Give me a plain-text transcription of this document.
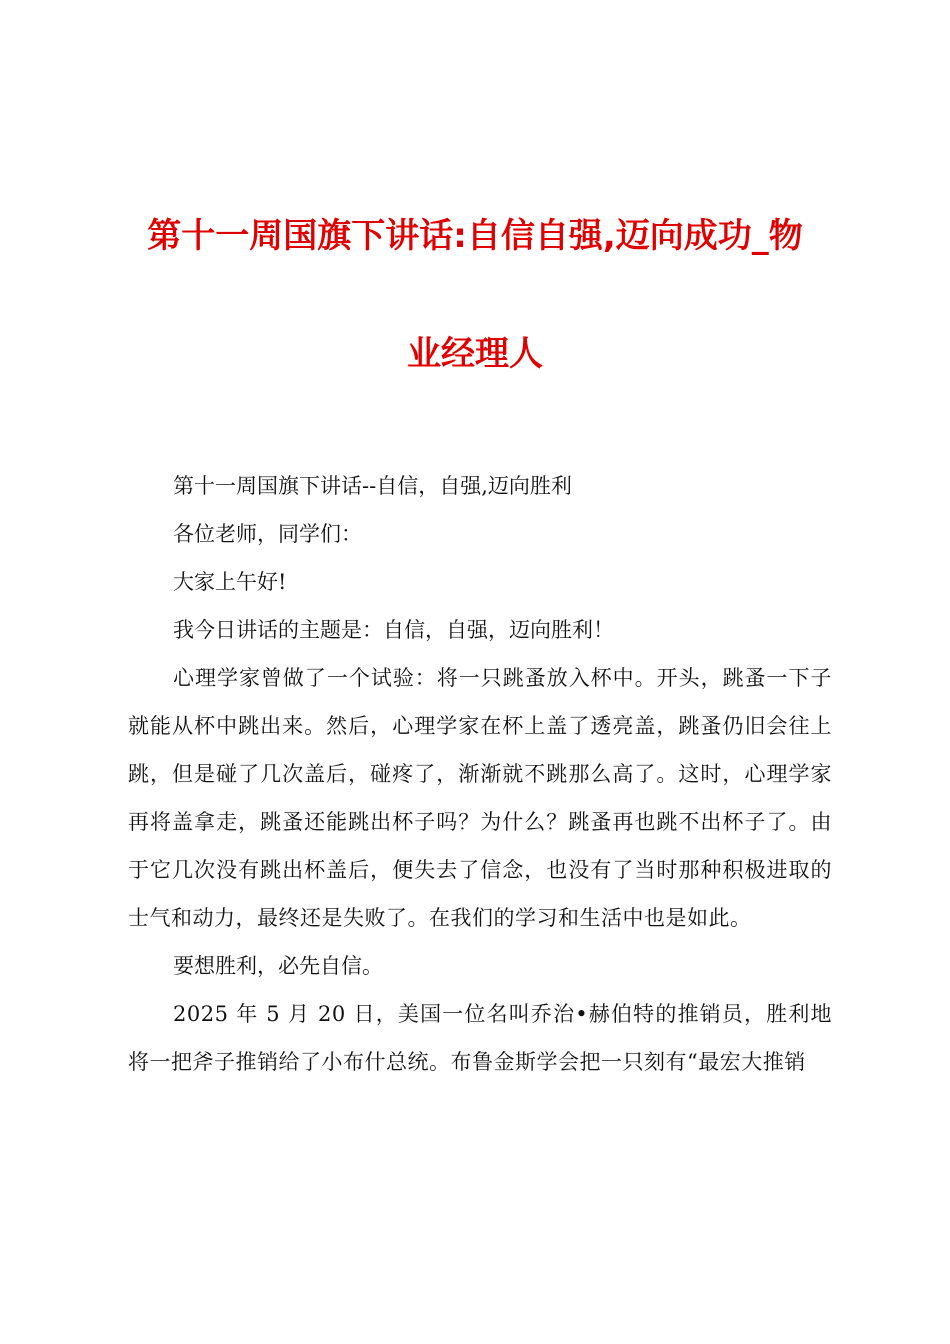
第十一周国旗下讲话:自信自强,迈向成功_物
业经理人

第十一周国旗下讲话--自信，自强,迈向胜利

各位老师，同学们：

大家上午好!

我今日讲话的主题是：自信，自强，迈向胜利！

心理学家曾做了一个试验：将一只跳蚤放入杯中。开头，跳蚤一下子就能从杯中跳出来。然后，心理学家在杯上盖了透亮盖，跳蚤仍旧会往上跳，但是碰了几次盖后，碰疼了，渐渐就不跳那么高了。这时，心理学家再将盖拿走，跳蚤还能跳出杯子吗？为什么？跳蚤再也跳不出杯子了。由于它几次没有跳出杯盖后，便失去了信念，也没有了当时那种积极进取的士气和动力，最终还是失败了。在我们的学习和生活中也是如此。

要想胜利，必先自信。

2025 年 5 月 20 日，美国一位名叫乔治•赫伯特的推销员，胜利地将一把斧子推销给了小布什总统。布鲁金斯学会把一只刻有“最宏大推销
